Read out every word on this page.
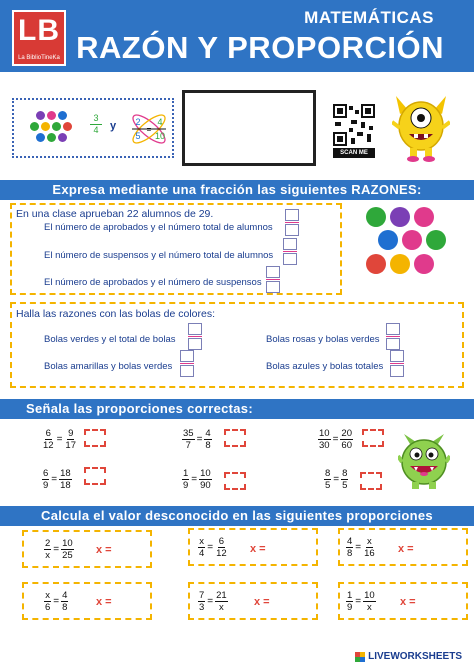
LB
La BiblioTineKa
MATEMÁTICAS
RAZÓN Y PROPORCIÓN
$\frac{3}{4}$ y 2
5
=
4
10
SCAN ME
Expresa mediante una fracción las siguientes RAZONES:
En una clase aprueban 22 alumnos de 29.
El número de aprobados y el número total de alumnos
El número de suspensos y el número total de alumnos
El número de aprobados y el número de suspensos
Halla las razones con las bolas de colores:
Bolas verdes y el total de bolas
Bolas amarillas y bolas verdes
Bolas rosas y bolas verdes
Bolas azules y bolas totales
Señala las proporciones correctas:
$\frac{6}{12} = \frac{9}{17}$	$\frac{35}{7} = \frac{4}{8}$	$\frac{10}{30} = \frac{20}{60}$
$\frac{6}{9} = \frac{18}{18}$	$\frac{1}{9} = \frac{10}{90}$	$\frac{8}{5} = \frac{8}{5}$
Calcula el valor desconocido en las siguientes proporciones
$\frac{2}{x} = \frac{10}{25}$ x =	$\frac{x}{4} = \frac{6}{12}$ x =	$\frac{4}{8} = \frac{x}{16}$ x =
$\frac{x}{6} = \frac{4}{8}$	x =	$\frac{7}{3} = \frac{21}{x}$ x =	$\frac{1}{9} = \frac{10}{x}$ x =
LIVEWORKSHEETS
